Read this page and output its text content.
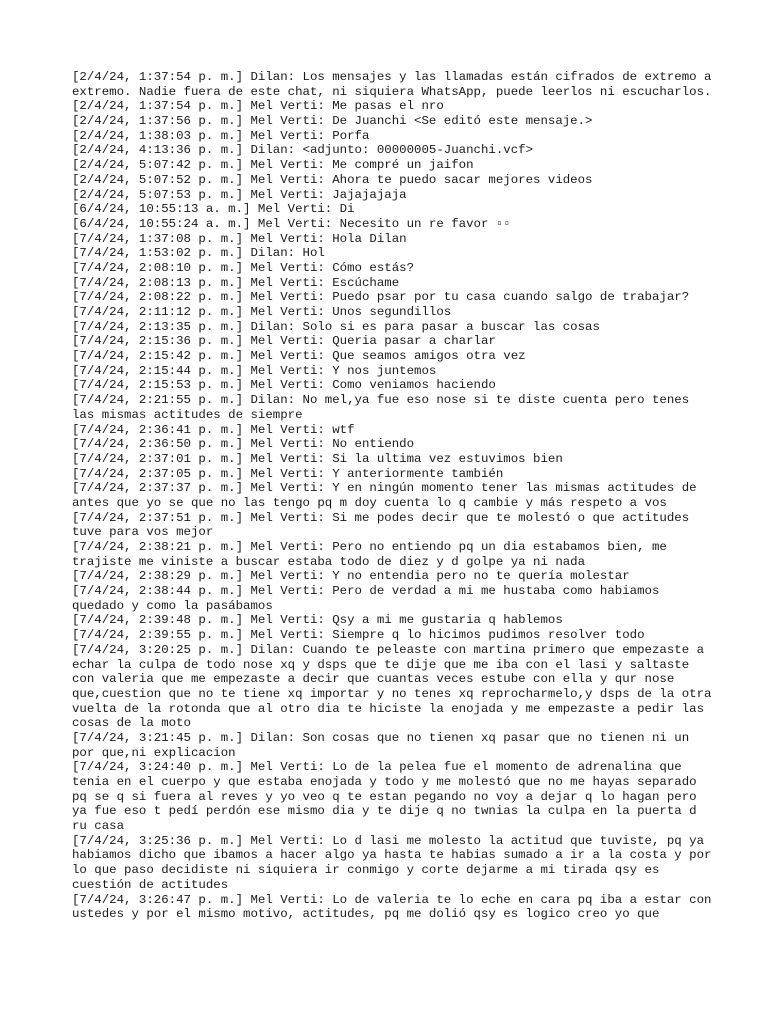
[2/4/24, 1:37:54 p. m.] Dilan: Los mensajes y las llamadas están cifrados de extremo a extremo. Nadie fuera de este chat, ni siquiera WhatsApp, puede leerlos ni escucharlos.
[2/4/24, 1:37:54 p. m.] Mel Verti: Me pasas el nro
[2/4/24, 1:37:56 p. m.] Mel Verti: De Juanchi <Se editó este mensaje.>
[2/4/24, 1:38:03 p. m.] Mel Verti: Porfa
[2/4/24, 4:13:36 p. m.] Dilan: <adjunto: 00000005-Juanchi.vcf>
[2/4/24, 5:07:42 p. m.] Mel Verti: Me compré un jaifon
[2/4/24, 5:07:52 p. m.] Mel Verti: Ahora te puedo sacar mejores videos
[2/4/24, 5:07:53 p. m.] Mel Verti: Jajajajaja
[6/4/24, 10:55:13 a. m.] Mel Verti: Di
[6/4/24, 10:55:24 a. m.] Mel Verti: Necesito un re favor ▫▫
[7/4/24, 1:37:08 p. m.] Mel Verti: Hola Dilan
[7/4/24, 1:53:02 p. m.] Dilan: Hol
[7/4/24, 2:08:10 p. m.] Mel Verti: Cómo estás?
[7/4/24, 2:08:13 p. m.] Mel Verti: Escúchame
[7/4/24, 2:08:22 p. m.] Mel Verti: Puedo psar por tu casa cuando salgo de trabajar?
[7/4/24, 2:11:12 p. m.] Mel Verti: Unos segundillos
[7/4/24, 2:13:35 p. m.] Dilan: Solo si es para pasar a buscar las cosas
[7/4/24, 2:15:36 p. m.] Mel Verti: Queria pasar a charlar
[7/4/24, 2:15:42 p. m.] Mel Verti: Que seamos amigos otra vez
[7/4/24, 2:15:44 p. m.] Mel Verti: Y nos juntemos
[7/4/24, 2:15:53 p. m.] Mel Verti: Como veniamos haciendo
[7/4/24, 2:21:55 p. m.] Dilan: No mel,ya fue eso nose si te diste cuenta pero tenes las mismas actitudes de siempre
[7/4/24, 2:36:41 p. m.] Mel Verti: wtf
[7/4/24, 2:36:50 p. m.] Mel Verti: No entiendo
[7/4/24, 2:37:01 p. m.] Mel Verti: Si la ultima vez estuvimos bien
[7/4/24, 2:37:05 p. m.] Mel Verti: Y anteriormente también
[7/4/24, 2:37:37 p. m.] Mel Verti: Y en ningún momento tener las mismas actitudes de antes que yo se que no las tengo pq m doy cuenta lo q cambie y más respeto a vos
[7/4/24, 2:37:51 p. m.] Mel Verti: Si me podes decir que te molestó o que actitudes tuve para vos mejor
[7/4/24, 2:38:21 p. m.] Mel Verti: Pero no entiendo pq un dia estabamos bien, me trajiste me viniste a buscar estaba todo de diez y d golpe ya ni nada
[7/4/24, 2:38:29 p. m.] Mel Verti: Y no entendia pero no te quería molestar
[7/4/24, 2:38:44 p. m.] Mel Verti: Pero de verdad a mi me hustaba como habiamos quedado y como la pasábamos
[7/4/24, 2:39:48 p. m.] Mel Verti: Qsy a mi me gustaria q hablemos
[7/4/24, 2:39:55 p. m.] Mel Verti: Siempre q lo hicimos pudimos resolver todo
[7/4/24, 3:20:25 p. m.] Dilan: Cuando te peleaste con martina primero que empezaste a echar la culpa de todo nose xq y dsps que te dije que me iba con el lasi y saltaste con valeria que me empezaste a decir que cuantas veces estube con ella y qur nose que,cuestion que no te tiene xq importar y no tenes xq reprocharmelo,y dsps de la otra vuelta de la rotonda que al otro dia te hiciste la enojada y me empezaste a pedir las cosas de la moto
[7/4/24, 3:21:45 p. m.] Dilan: Son cosas que no tienen xq pasar que no tienen ni un por que,ni explicacion
[7/4/24, 3:24:40 p. m.] Mel Verti: Lo de la pelea fue el momento de adrenalina que tenia en el cuerpo y que estaba enojada y todo y me molestó que no me hayas separado pq se q si fuera al reves y yo veo q te estan pegando no voy a dejar q lo hagan pero ya fue eso t pedí perdón ese mismo dia y te dije q no twnias la culpa en la puerta d ru casa
[7/4/24, 3:25:36 p. m.] Mel Verti: Lo d lasi me molesto la actitud que tuviste, pq ya habiamos dicho que ibamos a hacer algo ya hasta te habias sumado a ir a la costa y por lo que paso decidiste ni siquiera ir conmigo y corte dejarme a mi tirada qsy es cuestión de actitudes
[7/4/24, 3:26:47 p. m.] Mel Verti: Lo de valeria te lo eche en cara pq iba a estar con ustedes y por el mismo motivo, actitudes, pq me dolió qsy es logico creo yo que
